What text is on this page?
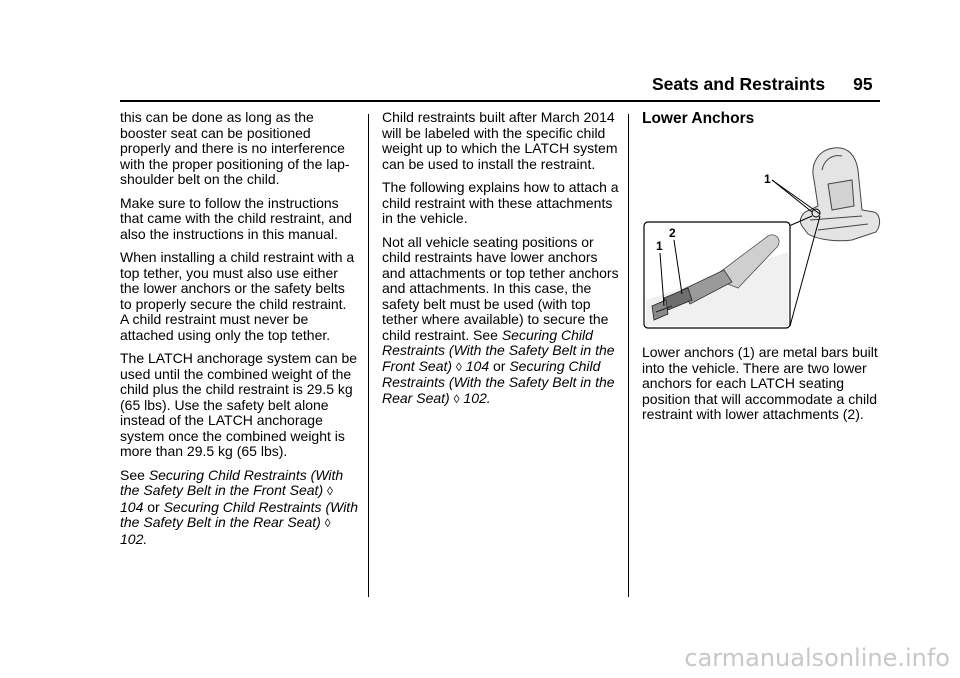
Seats and Restraints 95

this can be done as long as the booster seat can be positioned properly and there is no interference with the proper positioning of the lap-shoulder belt on the child.

Make sure to follow the instructions that came with the child restraint, and also the instructions in this manual.

When installing a child restraint with a top tether, you must also use either the lower anchors or the safety belts to properly secure the child restraint. A child restraint must never be attached using only the top tether.

The LATCH anchorage system can be used until the combined weight of the child plus the child restraint is 29.5 kg (65 lbs). Use the safety belt alone instead of the LATCH anchorage system once the combined weight is more than 29.5 kg (65 lbs).

See Securing Child Restraints (With the Safety Belt in the Front Seat) ◊ 104 or Securing Child Restraints (With the Safety Belt in the Rear Seat) ◊ 102.

Child restraints built after March 2014 will be labeled with the specific child weight up to which the LATCH system can be used to install the restraint.

The following explains how to attach a child restraint with these attachments in the vehicle.

Not all vehicle seating positions or child restraints have lower anchors and attachments or top tether anchors and attachments. In this case, the safety belt must be used (with top tether where available) to secure the child restraint. See Securing Child Restraints (With the Safety Belt in the Front Seat) ◊ 104 or Securing Child Restraints (With the Safety Belt in the Rear Seat) ◊ 102.

Lower Anchors
1
1
2

Lower anchors (1) are metal bars built into the vehicle. There are two lower anchors for each LATCH seating position that will accommodate a child restraint with lower attachments (2).

carmanualsonline.info
